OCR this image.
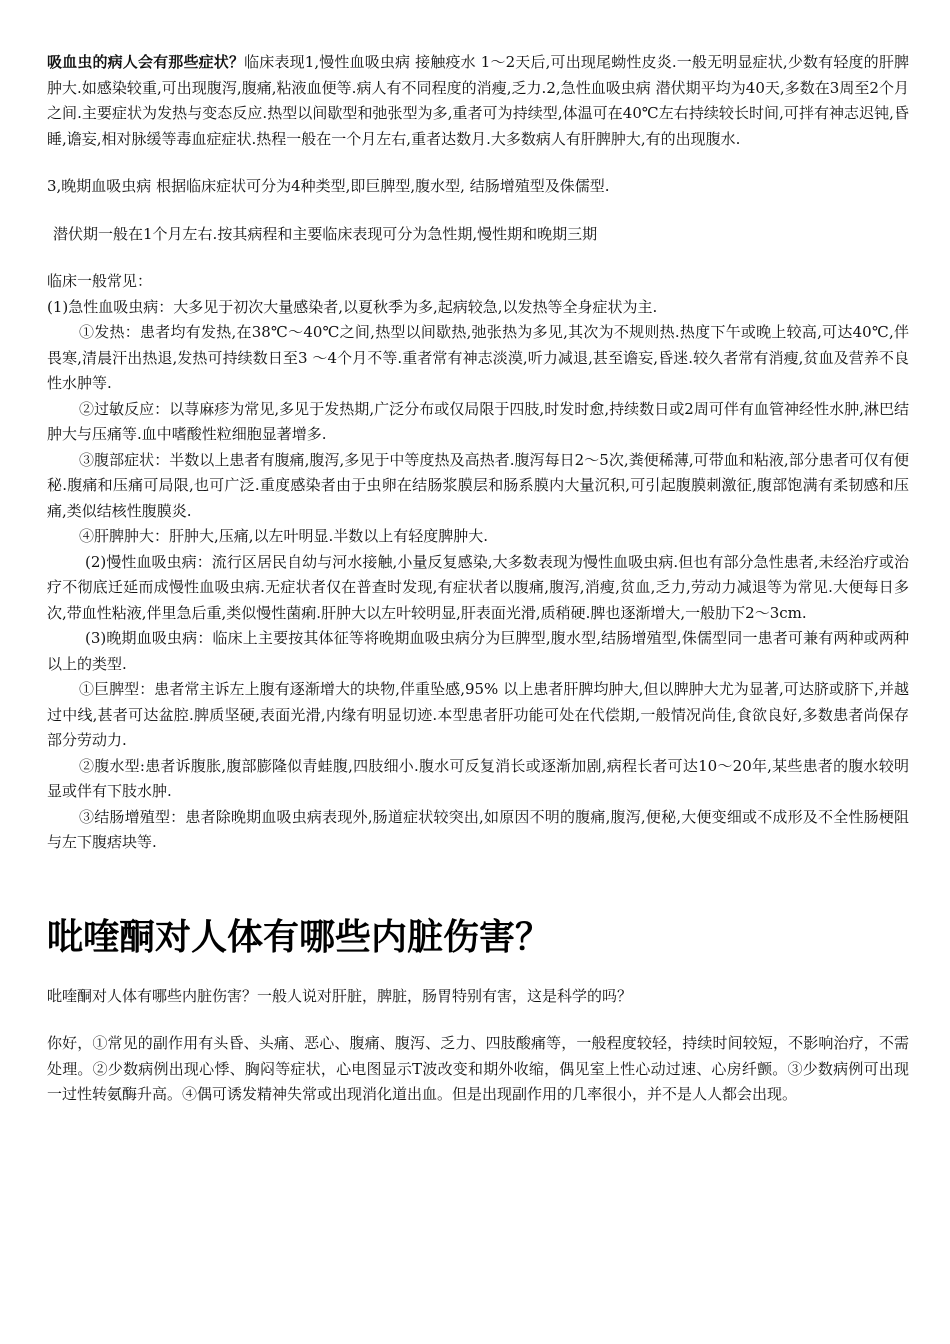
吸血虫的病人会有那些症状？临床表现1,慢性血吸虫病 接触疫水 1～2天后,可出现尾蚴性皮炎.一般无明显症状,少数有轻度的肝脾肿大.如感染较重,可出现腹泻,腹痛,粘液血便等.病人有不同程度的消瘦,乏力.2,急性血吸虫病 潜伏期平均为40天,多数在3周至2个月之间.主要症状为发热与变态反应.热型以间歇型和弛张型为多,重者可为持续型,体温可在40℃左右持续较长时间,可拌有神志迟钝,昏睡,谵妄,相对脉缓等毒血症症状.热程一般在一个月左右,重者达数月.大多数病人有肝脾肿大,有的出现腹水.

3,晚期血吸虫病 根据临床症状可分为4种类型,即巨脾型,腹水型, 结肠增殖型及侏儒型.

潜伏期一般在1个月左右.按其病程和主要临床表现可分为急性期,慢性期和晚期三期

临床一般常见：

(1)急性血吸虫病：大多见于初次大量感染者,以夏秋季为多,起病较急,以发热等全身症状为主.

①发热：患者均有发热,在38℃～40℃之间,热型以间歇热,弛张热为多见,其次为不规则热.热度下午或晚上较高,可达40℃,伴畏寒,清晨汗出热退,发热可持续数日至3 ～4个月不等.重者常有神志淡漠,听力减退,甚至谵妄,昏迷.较久者常有消瘦,贫血及营养不良性水肿等.

②过敏反应：以荨麻疹为常见,多见于发热期,广泛分布或仅局限于四肢,时发时愈,持续数日或2周可伴有血管神经性水肿,淋巴结肿大与压痛等.血中嗜酸性粒细胞显著增多.

③腹部症状：半数以上患者有腹痛,腹泻,多见于中等度热及高热者.腹泻每日2～5次,粪便稀薄,可带血和粘液,部分患者可仅有便秘.腹痛和压痛可局限,也可广泛.重度感染者由于虫卵在结肠浆膜层和肠系膜内大量沉积,可引起腹膜刺激征,腹部饱满有柔韧感和压痛,类似结核性腹膜炎.

④肝脾肿大：肝肿大,压痛,以左叶明显.半数以上有轻度脾肿大.

(2)慢性血吸虫病：流行区居民自幼与河水接触,小量反复感染,大多数表现为慢性血吸虫病.但也有部分急性患者,未经治疗或治疗不彻底迁延而成慢性血吸虫病.无症状者仅在普查时发现,有症状者以腹痛,腹泻,消瘦,贫血,乏力,劳动力减退等为常见.大便每日多次,带血性粘液,伴里急后重,类似慢性菌痢.肝肿大以左叶较明显,肝表面光滑,质稍硬.脾也逐渐增大,一般肋下2～3cm.

(3)晚期血吸虫病：临床上主要按其体征等将晚期血吸虫病分为巨脾型,腹水型,结肠增殖型,侏儒型同一患者可兼有两种或两种以上的类型.

①巨脾型：患者常主诉左上腹有逐渐增大的块物,伴重坠感,95% 以上患者肝脾均肿大,但以脾肿大尤为显著,可达脐或脐下,并越过中线,甚者可达盆腔.脾质坚硬,表面光滑,内缘有明显切迹.本型患者肝功能可处在代偿期,一般情况尚佳,食欲良好,多数患者尚保存部分劳动力.

②腹水型:患者诉腹胀,腹部膨隆似青蛙腹,四肢细小.腹水可反复消长或逐渐加剧,病程长者可达10～20年,某些患者的腹水较明显或伴有下肢水肿.

③结肠增殖型：患者除晚期血吸虫病表现外,肠道症状较突出,如原因不明的腹痛,腹泻,便秘,大便变细或不成形及不全性肠梗阻与左下腹痞块等.

吡喹酮对人体有哪些内脏伤害？

吡喹酮对人体有哪些内脏伤害？一般人说对肝脏，脾脏，肠胃特别有害，这是科学的吗？

你好，①常见的副作用有头昏、头痛、恶心、腹痛、腹泻、乏力、四肢酸痛等，一般程度较轻，持续时间较短，不影响治疗，不需处理。②少数病例出现心悸、胸闷等症状，心电图显示T波改变和期外收缩，偶见室上性心动过速、心房纤颤。③少数病例可出现一过性转氨酶升高。④偶可诱发精神失常或出现消化道出血。但是出现副作用的几率很小，并不是人人都会出现。
